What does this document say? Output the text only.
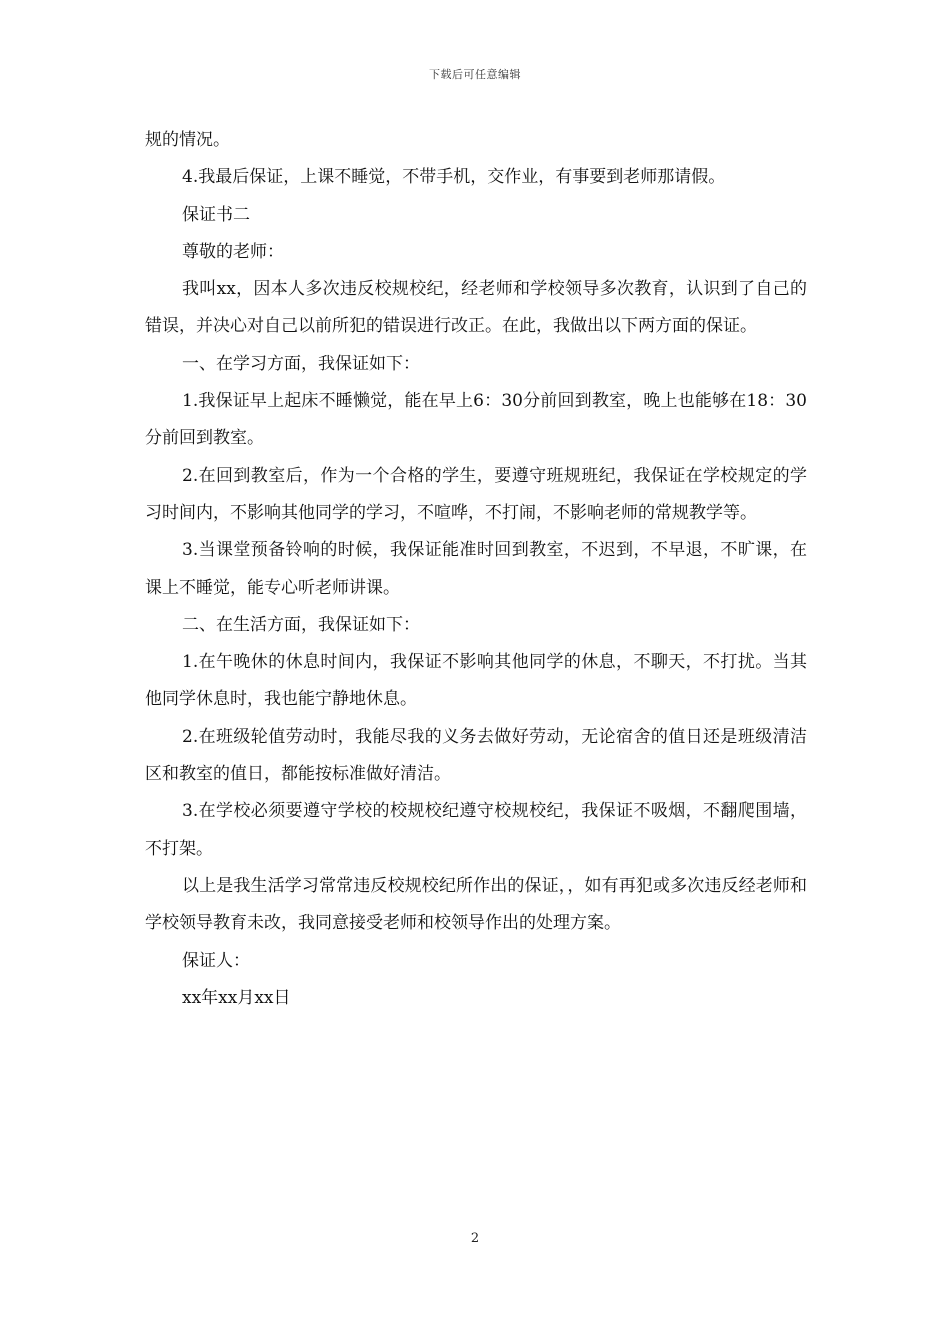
下载后可任意编辑

规的情况。

4.我最后保证，上课不睡觉，不带手机，交作业，有事要到老师那请假。

保证书二

尊敬的老师：

我叫xx，因本人多次违反校规校纪，经老师和学校领导多次教育，认识到了自己的错误，并决心对自己以前所犯的错误进行改正。在此，我做出以下两方面的保证。

一、在学习方面，我保证如下：

1.我保证早上起床不睡懒觉，能在早上6：30分前回到教室，晚上也能够在18：30分前回到教室。

2.在回到教室后，作为一个合格的学生，要遵守班规班纪，我保证在学校规定的学习时间内，不影响其他同学的学习，不喧哗，不打闹，不影响老师的常规教学等。

3.当课堂预备铃响的时候，我保证能准时回到教室，不迟到，不早退，不旷课，在课上不睡觉，能专心听老师讲课。

二、在生活方面，我保证如下：

1.在午晚休的休息时间内，我保证不影响其他同学的休息，不聊天，不打扰。当其他同学休息时，我也能宁静地休息。

2.在班级轮值劳动时，我能尽我的义务去做好劳动，无论宿舍的值日还是班级清洁区和教室的值日，都能按标准做好清洁。

3.在学校必须要遵守学校的校规校纪遵守校规校纪，我保证不吸烟，不翻爬围墙，不打架。

以上是我生活学习常常违反校规校纪所作出的保证，，如有再犯或多次违反经老师和学校领导教育未改，我同意接受老师和校领导作出的处理方案。

保证人：

xx年xx月xx日

2
